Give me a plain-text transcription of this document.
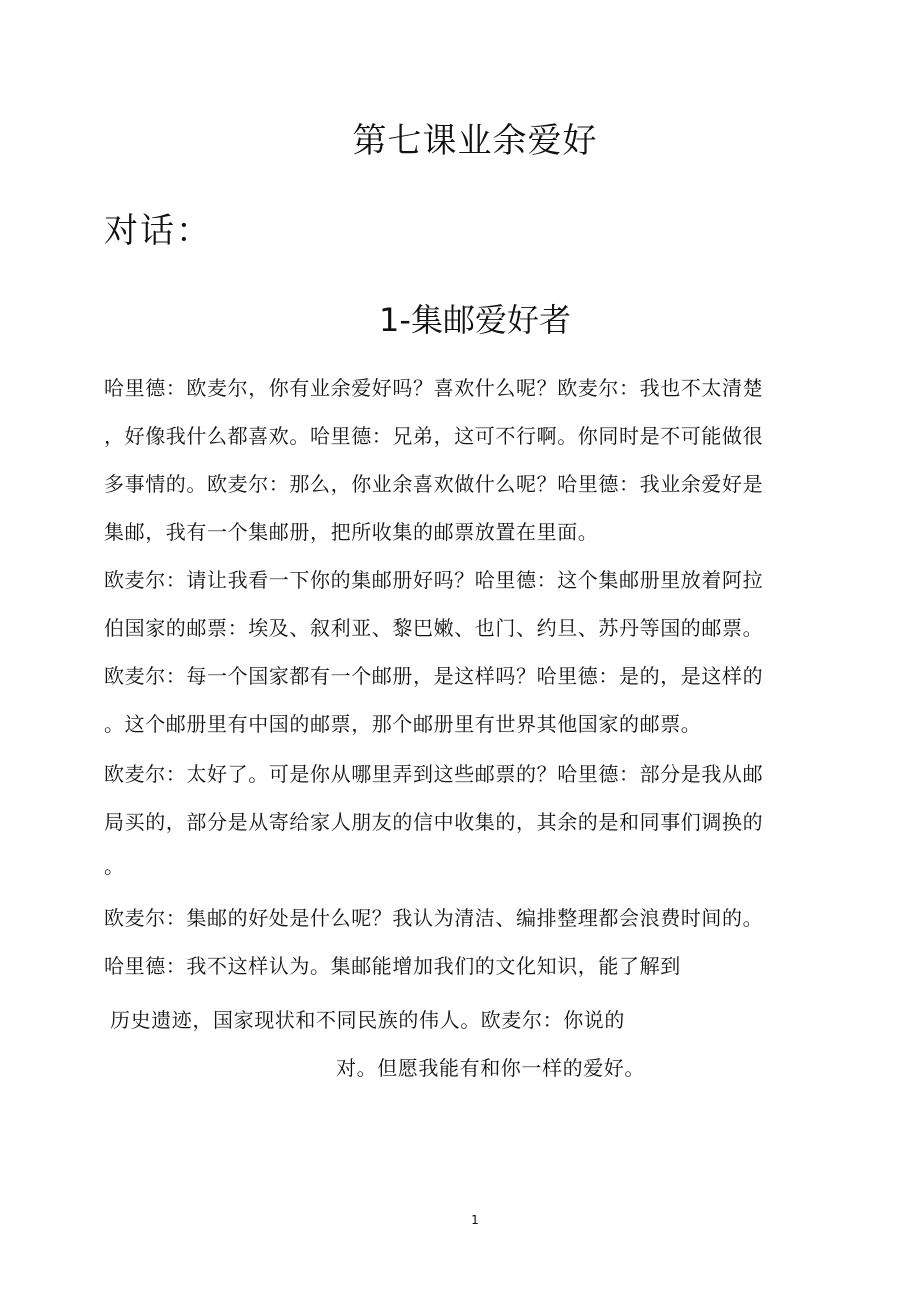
第七课业余爱好
对话：
1-集邮爱好者
哈里德：欧麦尔，你有业余爱好吗？喜欢什么呢？欧麦尔：我也不太清楚
，好像我什么都喜欢。哈里德：兄弟，这可不行啊。你同时是不可能做很
多事情的。欧麦尔：那么，你业余喜欢做什么呢？哈里德：我业余爱好是
集邮，我有一个集邮册，把所收集的邮票放置在里面。
欧麦尔：请让我看一下你的集邮册好吗？哈里德：这个集邮册里放着阿拉
伯国家的邮票：埃及、叙利亚、黎巴嫩、也门、约旦、苏丹等国的邮票。
欧麦尔：每一个国家都有一个邮册，是这样吗？哈里德：是的，是这样的
。这个邮册里有中国的邮票，那个邮册里有世界其他国家的邮票。
欧麦尔：太好了。可是你从哪里弄到这些邮票的？哈里德：部分是我从邮
局买的，部分是从寄给家人朋友的信中收集的，其余的是和同事们调换的
。
欧麦尔：集邮的好处是什么呢？我认为清洁、编排整理都会浪费时间的。
哈里德：我不这样认为。集邮能增加我们的文化知识，能了解到
历史遗迹，国家现状和不同民族的伟人。欧麦尔：你说的
对。但愿我能有和你一样的爱好。
1
